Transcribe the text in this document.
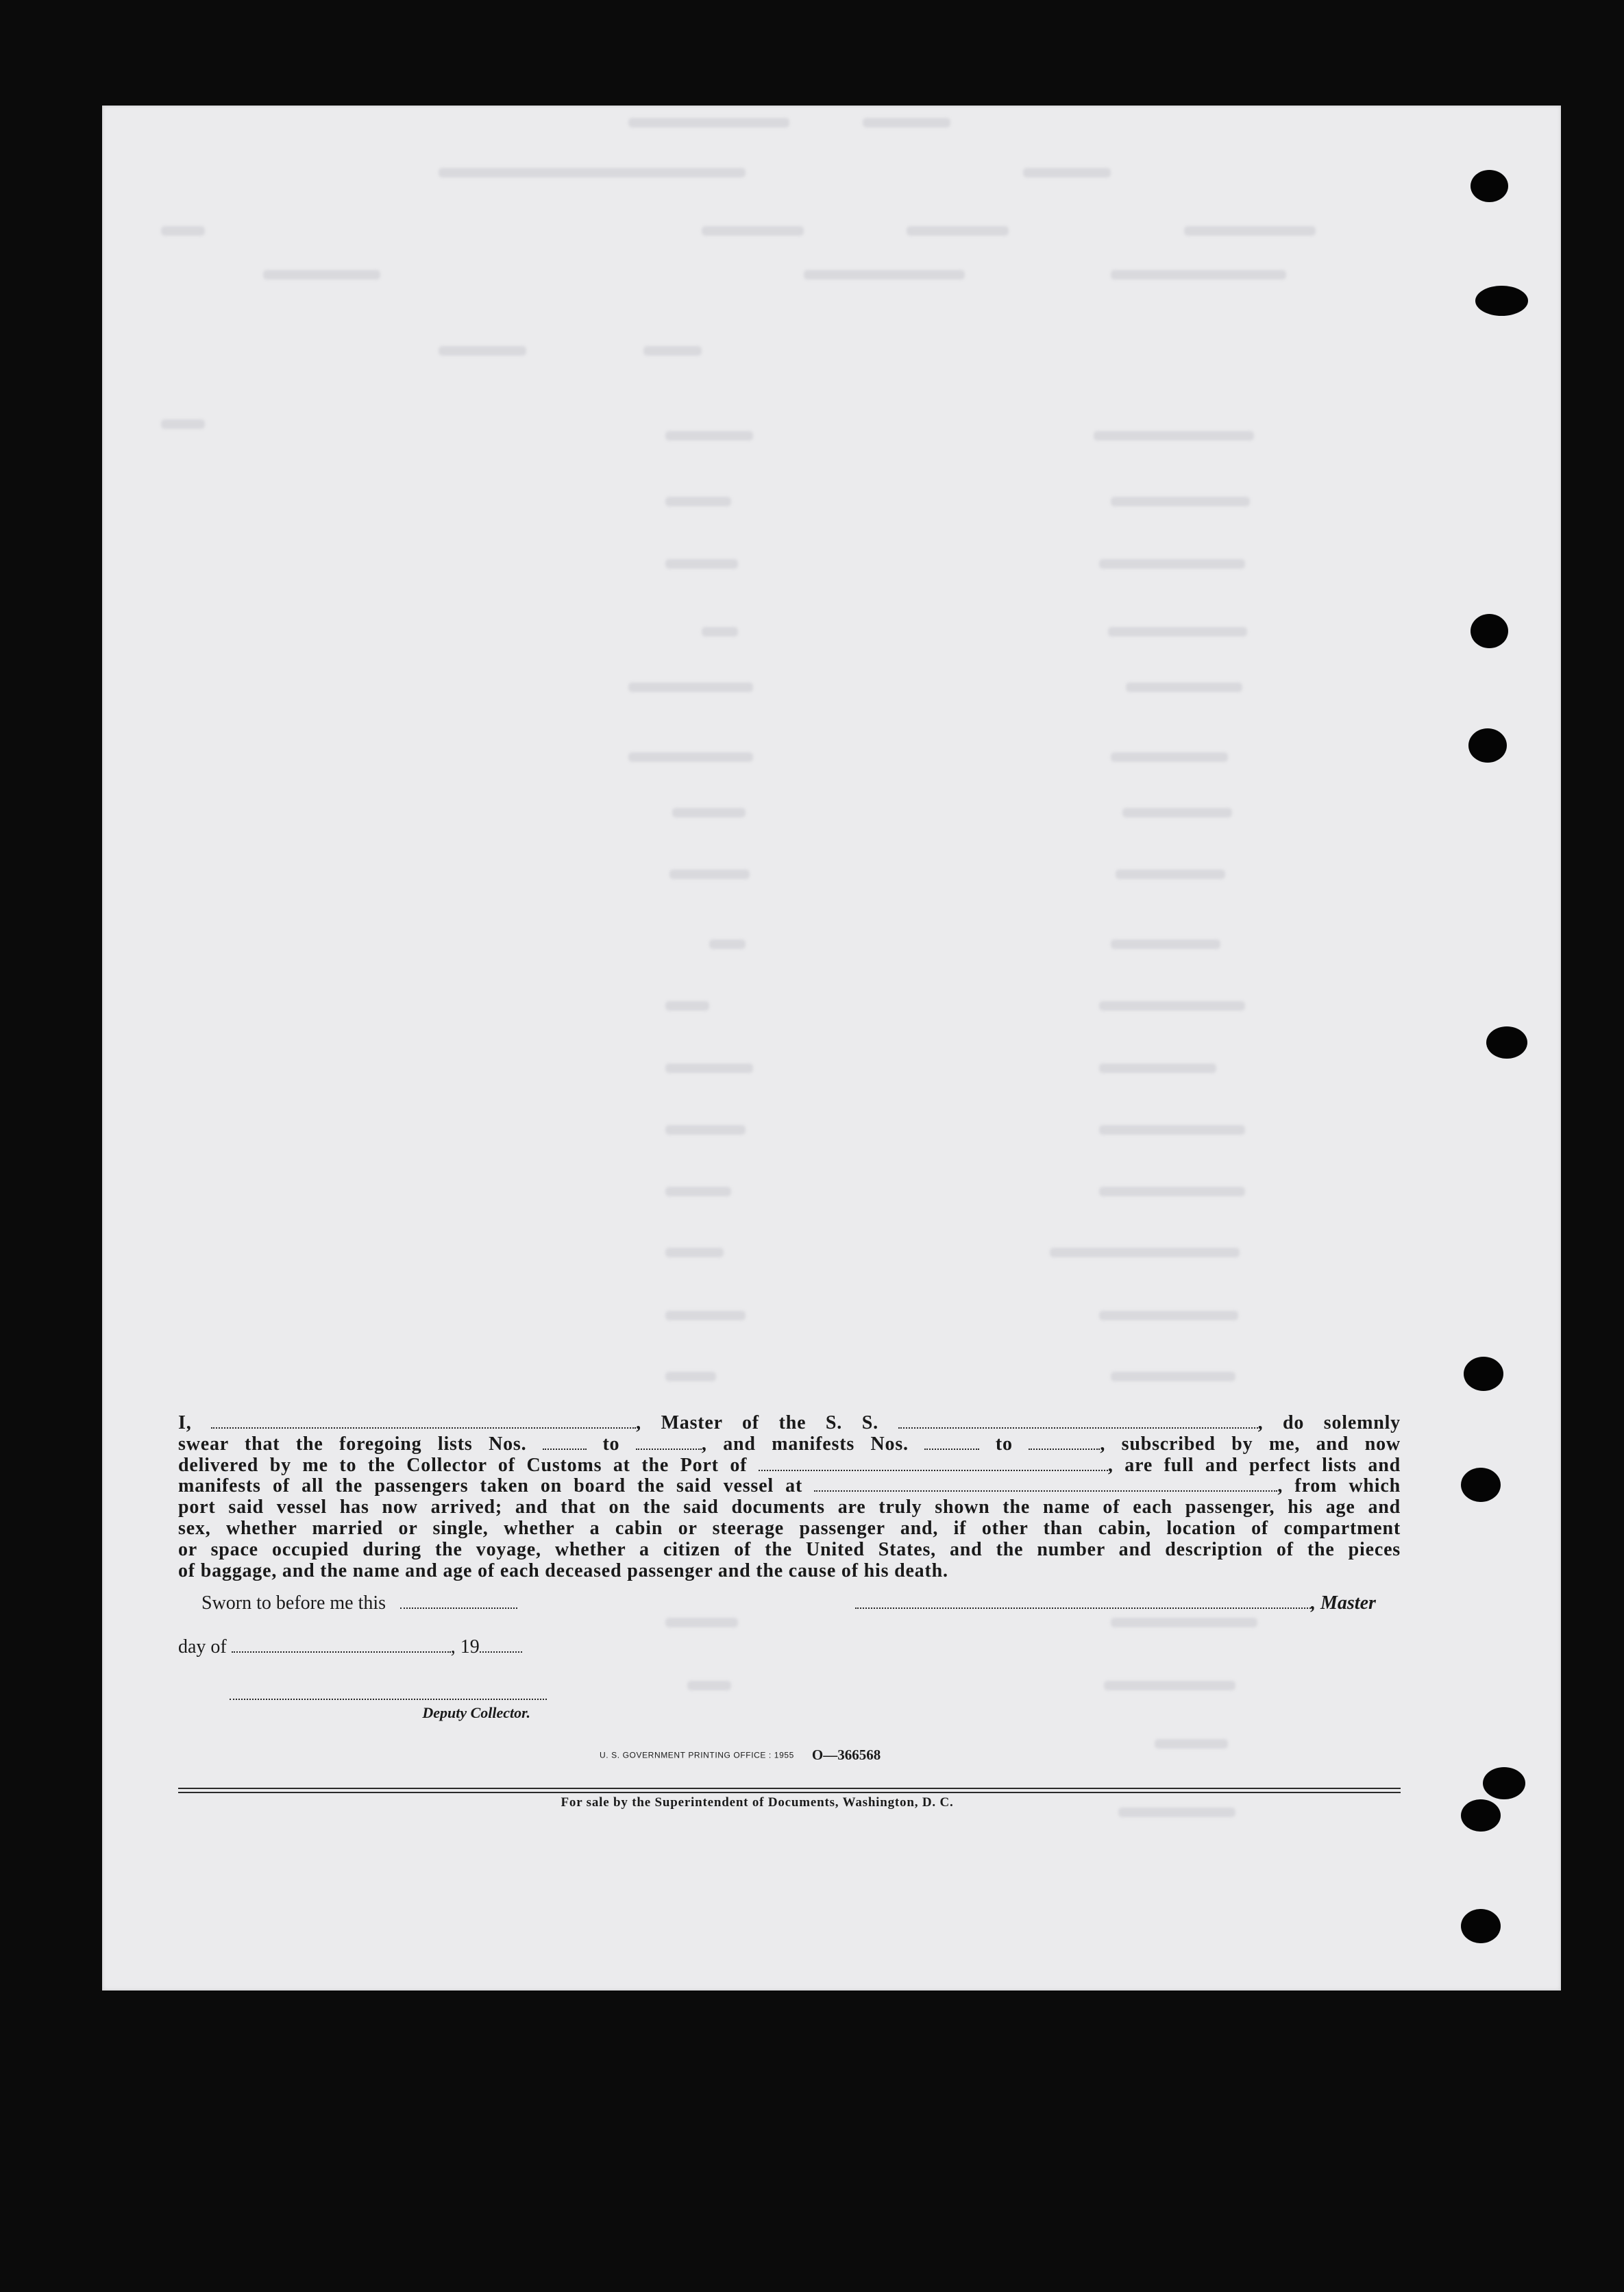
I,	, Master of the S. S.	, do solemnly
swear that the foregoing lists Nos.	to	, and manifests Nos.	to	, subscribed by me, and now
delivered by me to the Collector of Customs at the Port of	, are full and perfect lists and
manifests of all the passengers taken on board the said vessel at	, from which
port said vessel has now arrived; and that on the said documents are truly shown the name of each passenger, his age and
sex, whether married or single, whether a cabin or steerage passenger and, if other than cabin, location of compartment
or space occupied during the voyage, whether a citizen of the United States, and the number and description of the pieces
of baggage, and the name and age of each deceased passenger and the cause of his death.
Sworn to before me this	, Master
day of	, 19
Deputy Collector.
U. S. GOVERNMENT PRINTING OFFICE : 1955 O—366568
For sale by the Superintendent of Documents, Washington, D. C.
